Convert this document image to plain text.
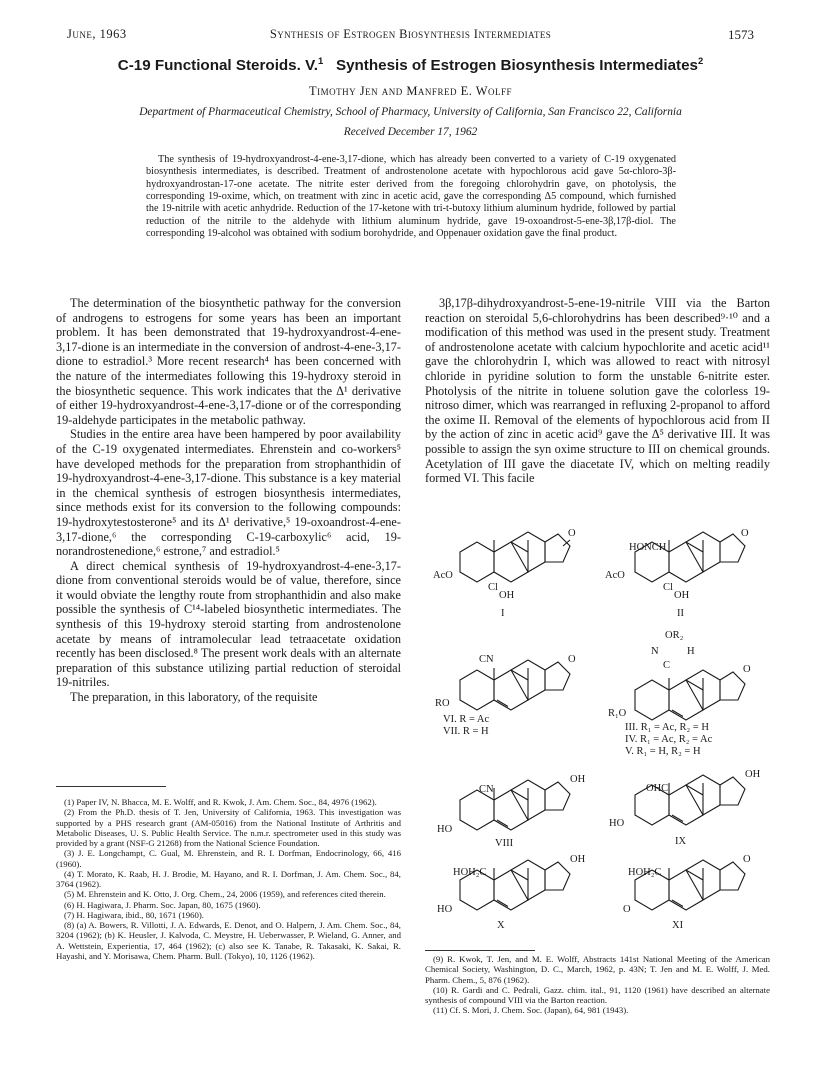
June, 1963	Synthesis of Estrogen Biosynthesis Intermediates	1573
C-19 Functional Steroids. V.$^1$ Synthesis of Estrogen Biosynthesis Intermediates$^2$
Timothy Jen and Manfred E. Wolff
Department of Pharmaceutical Chemistry, School of Pharmacy, University of California, San Francisco 22, California
Received December 17, 1962

The synthesis of 19-hydroxyandrost-4-ene-3,17-dione, which has already been converted to a variety of C-19 oxygenated biosynthesis intermediates, is described. Treatment of androstenolone acetate with hypochlorous acid gave 5α-chloro-3β-hydroxyandrostan-17-one acetate. The nitrite ester derived from the foregoing chlorohydrin gave, on photolysis, the corresponding 19-oxime, which, on treatment with zinc in acetic acid, gave the corresponding Δ5 compound, which furnished the 19-nitrile with acetic anhydride. Reduction of the 17-ketone with tri-t-butoxy lithium aluminum hydride, followed by partial reduction of the nitrile to the aldehyde with lithium aluminum hydride, gave 19-oxoandrost-5-ene-3β,17β-diol. The corresponding 19-alcohol was obtained with sodium borohydride, and Oppenauer oxidation gave the final product.

The determination of the biosynthetic pathway for the conversion of androgens to estrogens for some years has been an important problem. It has been demonstrated that 19-hydroxyandrost-4-ene-3,17-dione is an intermediate in the conversion of androst-4-ene-3,17-dione to estradiol.³ More recent research⁴ has been concerned with the nature of the intermediates following this 19-hydroxy steroid in the biosynthetic sequence. This work indicates that the Δ¹ derivative of either 19-hydroxyandrost-4-ene-3,17-dione or of the corresponding 19-aldehyde participates in the metabolic pathway.

Studies in the entire area have been hampered by poor availability of the C-19 oxygenated intermediates. Ehrenstein and co-workers⁵ have developed methods for the preparation from strophanthidin of 19-hydroxyandrost-4-ene-3,17-dione. This substance is a key material in the chemical synthesis of estrogen biosynthesis intermediates, since methods exist for its conversion to the following compounds: 19-hydroxytestosterone⁵ and its Δ¹ derivative,⁵ 19-oxoandrost-4-ene-3,17-dione,⁶ the corresponding C-19-carboxylic⁶ acid, 19-norandrostenedione,⁶ estrone,⁷ and estradiol.⁵

A direct chemical synthesis of 19-hydroxyandrost-4-ene-3,17-dione from conventional steroids would be of value, therefore, since it would obviate the lengthy route from strophanthidin and also make possible the synthesis of C¹⁴-labeled biosynthetic intermediates. The synthesis of this 19-hydroxy steroid starting from androstenolone acetate by means of intramolecular lead tetraacetate oxidation recently has been disclosed.⁸ The present work deals with an alternate preparation of this substance utilizing partial reduction of steroidal 19-nitriles.

The preparation, in this laboratory, of the requisite

3β,17β-dihydroxyandrost-5-ene-19-nitrile VIII via the Barton reaction on steroidal 5,6-chlorohydrins has been described⁹·¹⁰ and a modification of this method was used in the present study. Treatment of androstenolone acetate with calcium hypochlorite and acetic acid¹¹ gave the chlorohydrin I, which was allowed to react with nitrosyl chloride in pyridine solution to form the unstable 6-nitrite ester. Photolysis of the nitrite in toluene solution gave the colorless 19-nitroso dimer, which was rearranged in refluxing 2-propanol to afford the oxime II. Removal of the elements of hypochlorous acid from II by the action of zinc in acetic acid⁹ gave the Δ⁵ derivative III. It was possible to assign the syn oxime structure to III on chemical grounds. Acetylation of III gave the diacetate IV, which on melting readily formed VI. This facile

O
AcO
Cl
OH
I
O
HONCH
AcO
Cl
OH
II
O
CN
RO
VI. R = Ac
VII. R = H
OR₂
N	H
C	O
R₁O
III. R₁ = Ac, R₂ = H
IV. R₁ = Ac, R₂ = Ac
V. R₁ = H, R₂ = H
OH
CN
HO
VIII
OH
OHC
HO
IX
OH
HOH₂C
HO
X
O
HOH₂C
O
XI

(1) Paper IV, N. Bhacca, M. E. Wolff, and R. Kwok, J. Am. Chem. Soc., 84, 4976 (1962).

(2) From the Ph.D. thesis of T. Jen, University of California, 1963. This investigation was supported by a PHS research grant (AM-05016) from the National Institute of Arthritis and Metabolic Diseases, U. S. Public Health Service. The n.m.r. spectrometer used in this study was provided by a grant (NSF-G 21268) from the National Science Foundation.

(3) J. E. Longchampt, C. Gual, M. Ehrenstein, and R. I. Dorfman, Endocrinology, 66, 416 (1960).

(4) T. Morato, K. Raab, H. J. Brodie, M. Hayano, and R. I. Dorfman, J. Am. Chem. Soc., 84, 3764 (1962).

(5) M. Ehrenstein and K. Otto, J. Org. Chem., 24, 2006 (1959), and references cited therein.

(6) H. Hagiwara, J. Pharm. Soc. Japan, 80, 1675 (1960).

(7) H. Hagiwara, ibid., 80, 1671 (1960).

(8) (a) A. Bowers, R. Villotti, J. A. Edwards, E. Denot, and O. Halpern, J. Am. Chem. Soc., 84, 3204 (1962); (b) K. Heusler, J. Kalvoda, C. Meystre, H. Ueberwasser, P. Wieland, G. Anner, and A. Wettstein, Experientia, 17, 464 (1962); (c) also see K. Tanabe, R. Takasaki, K. Sakai, R. Hayashi, and Y. Morisawa, Chem. Pharm. Bull. (Tokyo), 10, 1126 (1962).	(9) R. Kwok, T. Jen, and M. E. Wolff, Abstracts 141st National Meeting of the American Chemical Society, Washington, D. C., March, 1962, p. 43N; T. Jen and M. E. Wolff, J. Med. Pharm. Chem., 5, 876 (1962).

(10) R. Gardi and C. Pedrali, Gazz. chim. ital., 91, 1120 (1961) have described an alternate synthesis of compound VIII via the Barton reaction.

(11) Cf. S. Mori, J. Chem. Soc. (Japan), 64, 981 (1943).
